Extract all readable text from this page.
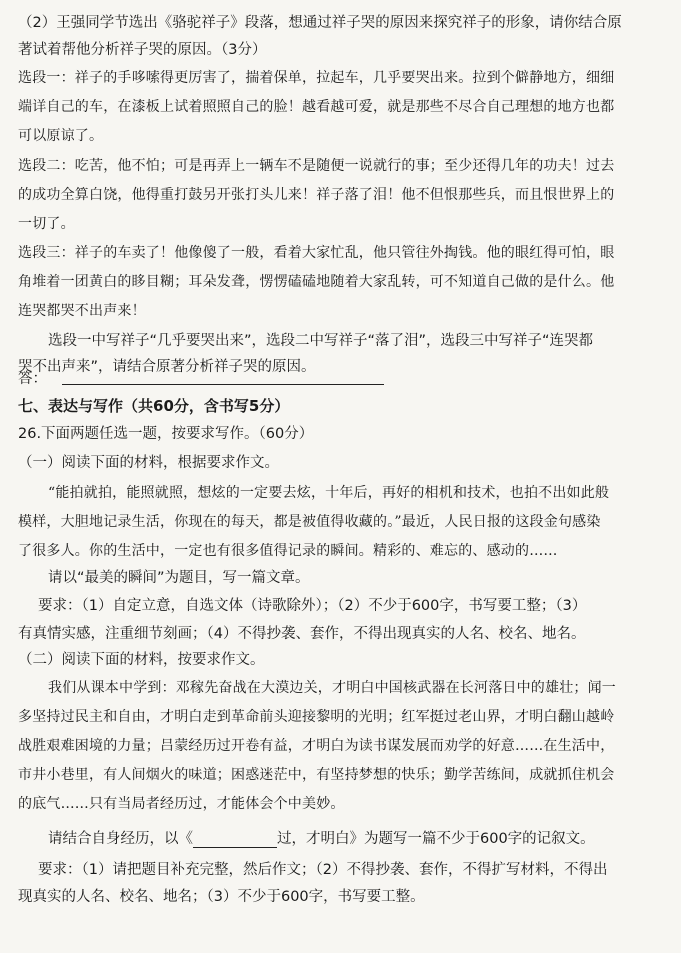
（2）王强同学节选出《骆驼祥子》段落，想通过祥子哭的原因来探究祥子的形象，请你结合原
著试着帮他分析祥子哭的原因。（3分）
选段一：祥子的手哆嗦得更厉害了，揣着保单，拉起车，几乎要哭出来。拉到个僻静地方，细细
端详自己的车，在漆板上试着照照自己的脸！越看越可爱，就是那些不尽合自己理想的地方也都
可以原谅了。
选段二：吃苦，他不怕；可是再弄上一辆车不是随便一说就行的事；至少还得几年的功夫！过去
的成功全算白饶，他得重打鼓另开张打头儿来！祥子落了泪！他不但恨那些兵，而且恨世界上的
一切了。
选段三：祥子的车卖了！他像傻了一般，看着大家忙乱，他只管往外掏钱。他的眼红得可怕，眼
角堆着一团黄白的眵目糊；耳朵发聋，愣愣磕磕地随着大家乱转，可不知道自己做的是什么。他
连哭都哭不出声来！
选段一中写祥子“几乎要哭出来”，选段二中写祥子“落了泪”，选段三中写祥子“连哭都
哭不出声来”，请结合原著分析祥子哭的原因。
答：
七、表达与写作（共60分，含书写5分）
26.下面两题任选一题，按要求写作。（60分）
（一）阅读下面的材料，根据要求作文。
“能拍就拍，能照就照，想炫的一定要去炫，十年后，再好的相机和技术，也拍不出如此般
模样，大胆地记录生活，你现在的每天，都是被值得收藏的。”最近，人民日报的这段金句感染
了很多人。你的生活中，一定也有很多值得记录的瞬间。精彩的、难忘的、感动的……
请以“最美的瞬间”为题目，写一篇文章。
要求：（1）自定立意，自选文体（诗歌除外）；（2）不少于600字，书写要工整；（3）
有真情实感，注重细节刻画；（4）不得抄袭、套作，不得出现真实的人名、校名、地名。
（二）阅读下面的材料，按要求作文。
我们从课本中学到：邓稼先奋战在大漠边关，才明白中国核武器在长河落日中的雄壮；闻一
多坚持过民主和自由，才明白走到革命前头迎接黎明的光明；红军挺过老山界，才明白翻山越岭
战胜艰难困境的力量；吕蒙经历过开卷有益，才明白为读书谋发展而劝学的好意……在生活中，
市井小巷里，有人间烟火的味道；困惑迷茫中，有坚持梦想的快乐；勤学苦练间，成就抓住机会
的底气……只有当局者经历过，才能体会个中美妙。
请结合自身经历，以《	过，才明白》为题写一篇不少于600字的记叙文。
要求：（1）请把题目补充完整，然后作文；（2）不得抄袭、套作，不得扩写材料，不得出
现真实的人名、校名、地名；（3）不少于600字，书写要工整。
